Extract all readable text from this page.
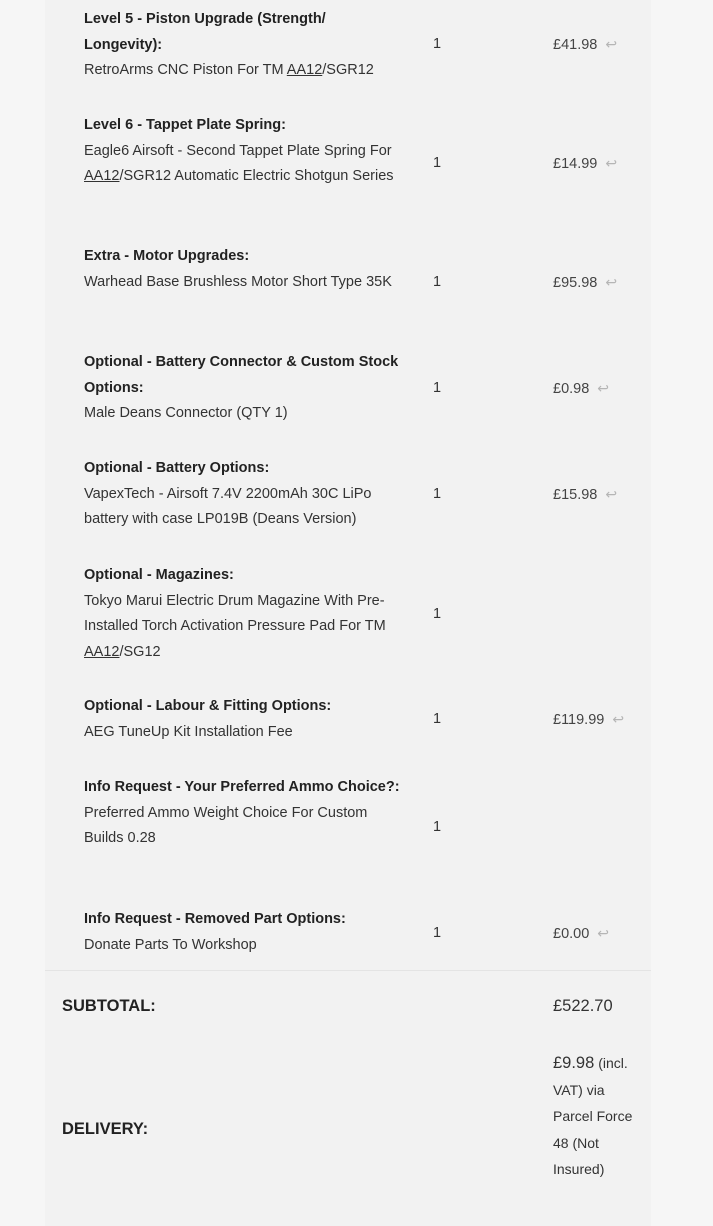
Level 5 - Piston Upgrade (Strength/ Longevity):
RetroArms CNC Piston For TM AA12/SGR12
1	£41.98 ↩
Level 6 - Tappet Plate Spring:
Eagle6 Airsoft - Second Tappet Plate Spring For AA12/SGR12 Automatic Electric Shotgun Series
1	£14.99 ↩
Extra - Motor Upgrades:
Warhead Base Brushless Motor Short Type 35K	1	£95.98 ↩
Optional - Battery Connector & Custom Stock Options:
Male Deans Connector (QTY 1)
1	£0.98 ↩
Optional - Battery Options:
VapexTech - Airsoft 7.4V 2200mAh 30C LiPo battery with case LP019B (Deans Version)
1	£15.98 ↩
Optional - Magazines:
Tokyo Marui Electric Drum Magazine With Pre-Installed Torch Activation Pressure Pad For TM AA12/SG12
1
Optional - Labour & Fitting Options:
AEG TuneUp Kit Installation Fee
1	£119.99 ↩
Info Request - Your Preferred Ammo Choice?:
Preferred Ammo Weight Choice For Custom Builds 0.28
1
Info Request - Removed Part Options:
Donate Parts To Workshop
1	£0.00 ↩
SUBTOTAL:	£522.70
DELIVERY:
£9.98 (incl. VAT) via Parcel Force 48 (Not Insured)
